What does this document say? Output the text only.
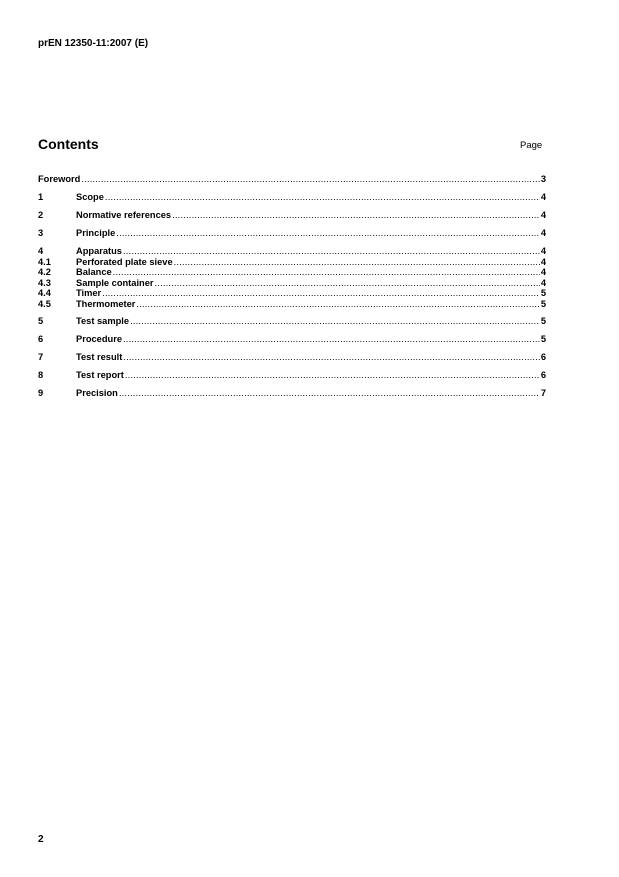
prEN 12350-11:2007 (E)
Contents	Page
Foreword .....	3
1	Scope .....	4
2	Normative references .....	4
3	Principle .....	4
4	Apparatus .....	4
4.1	Perforated plate sieve .....	4
4.2	Balance .....	4
4.3	Sample container .....	4
4.4	Timer .....	5
4.5	Thermometer .....	5
5	Test sample .....	5
6	Procedure .....	5
7	Test result .....	6
8	Test report .....	6
9	Precision .....	7
2
